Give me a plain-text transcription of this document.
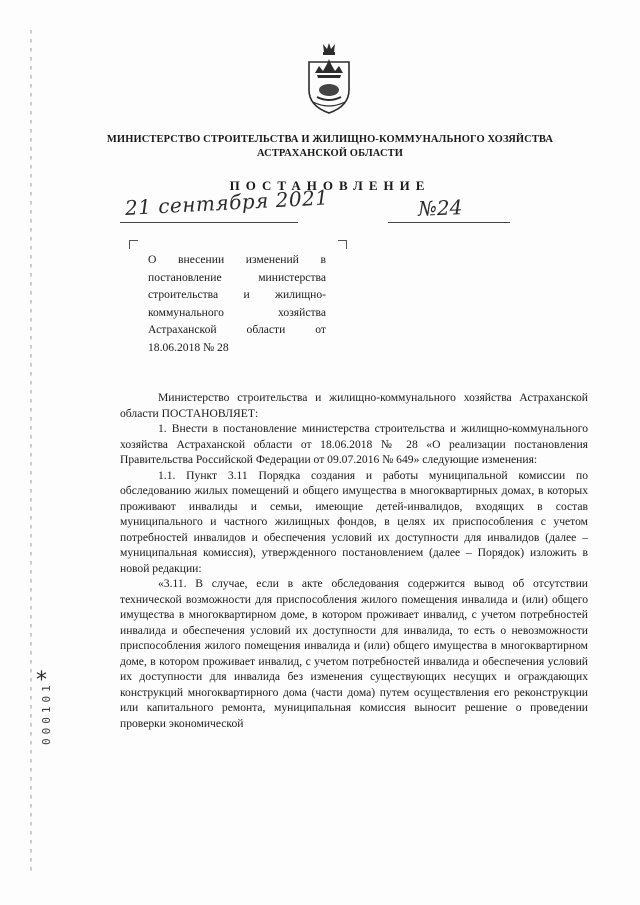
МИНИСТЕРСТВО СТРОИТЕЛЬСТВА И ЖИЛИЩНО-КОММУНАЛЬНОГО ХОЗЯЙСТВА
АСТРАХАНСКОЙ ОБЛАСТИ
ПОСТАНОВЛЕНИЕ
21 сентября 2021	№24
О внесении изменений в постановление министерства строительства и жилищно-коммунального хозяйства Астраханской области от 18.06.2018 № 28

Министерство строительства и жилищно-коммунального хозяйства Астраханской области ПОСТАНОВЛЯЕТ:

1. Внести в постановление министерства строительства и жилищно-коммунального хозяйства Астраханской области от 18.06.2018 № 28 «О реализации постановления Правительства Российской Федерации от 09.07.2016 № 649» следующие изменения:

1.1. Пункт 3.11 Порядка создания и работы муниципальной комиссии по обследованию жилых помещений и общего имущества в многоквартирных домах, в которых проживают инвалиды и семьи, имеющие детей-инвалидов, входящих в состав муниципального и частного жилищных фондов, в целях их приспособления с учетом потребностей инвалидов и обеспечения условий их доступности для инвалидов (далее – муниципальная комиссия), утвержденного постановлением (далее – Порядок) изложить в новой редакции:

«3.11. В случае, если в акте обследования содержится вывод об отсутствии технической возможности для приспособления жилого помещения инвалида и (или) общего имущества в многоквартирном доме, в котором проживает инвалид, с учетом потребностей инвалида и обеспечения условий их доступности для инвалида, то есть о невозможности приспособления жилого помещения инвалида и (или) общего имущества в многоквартирном доме, в котором проживает инвалид, с учетом потребностей инвалида и обеспечения условий их доступности для инвалида без изменения существующих несущих и ограждающих конструкций многоквартирного дома (части дома) путем осуществления его реконструкции или капитального ремонта, муниципальная комиссия выносит решение о проведении проверки экономической

*
000101
